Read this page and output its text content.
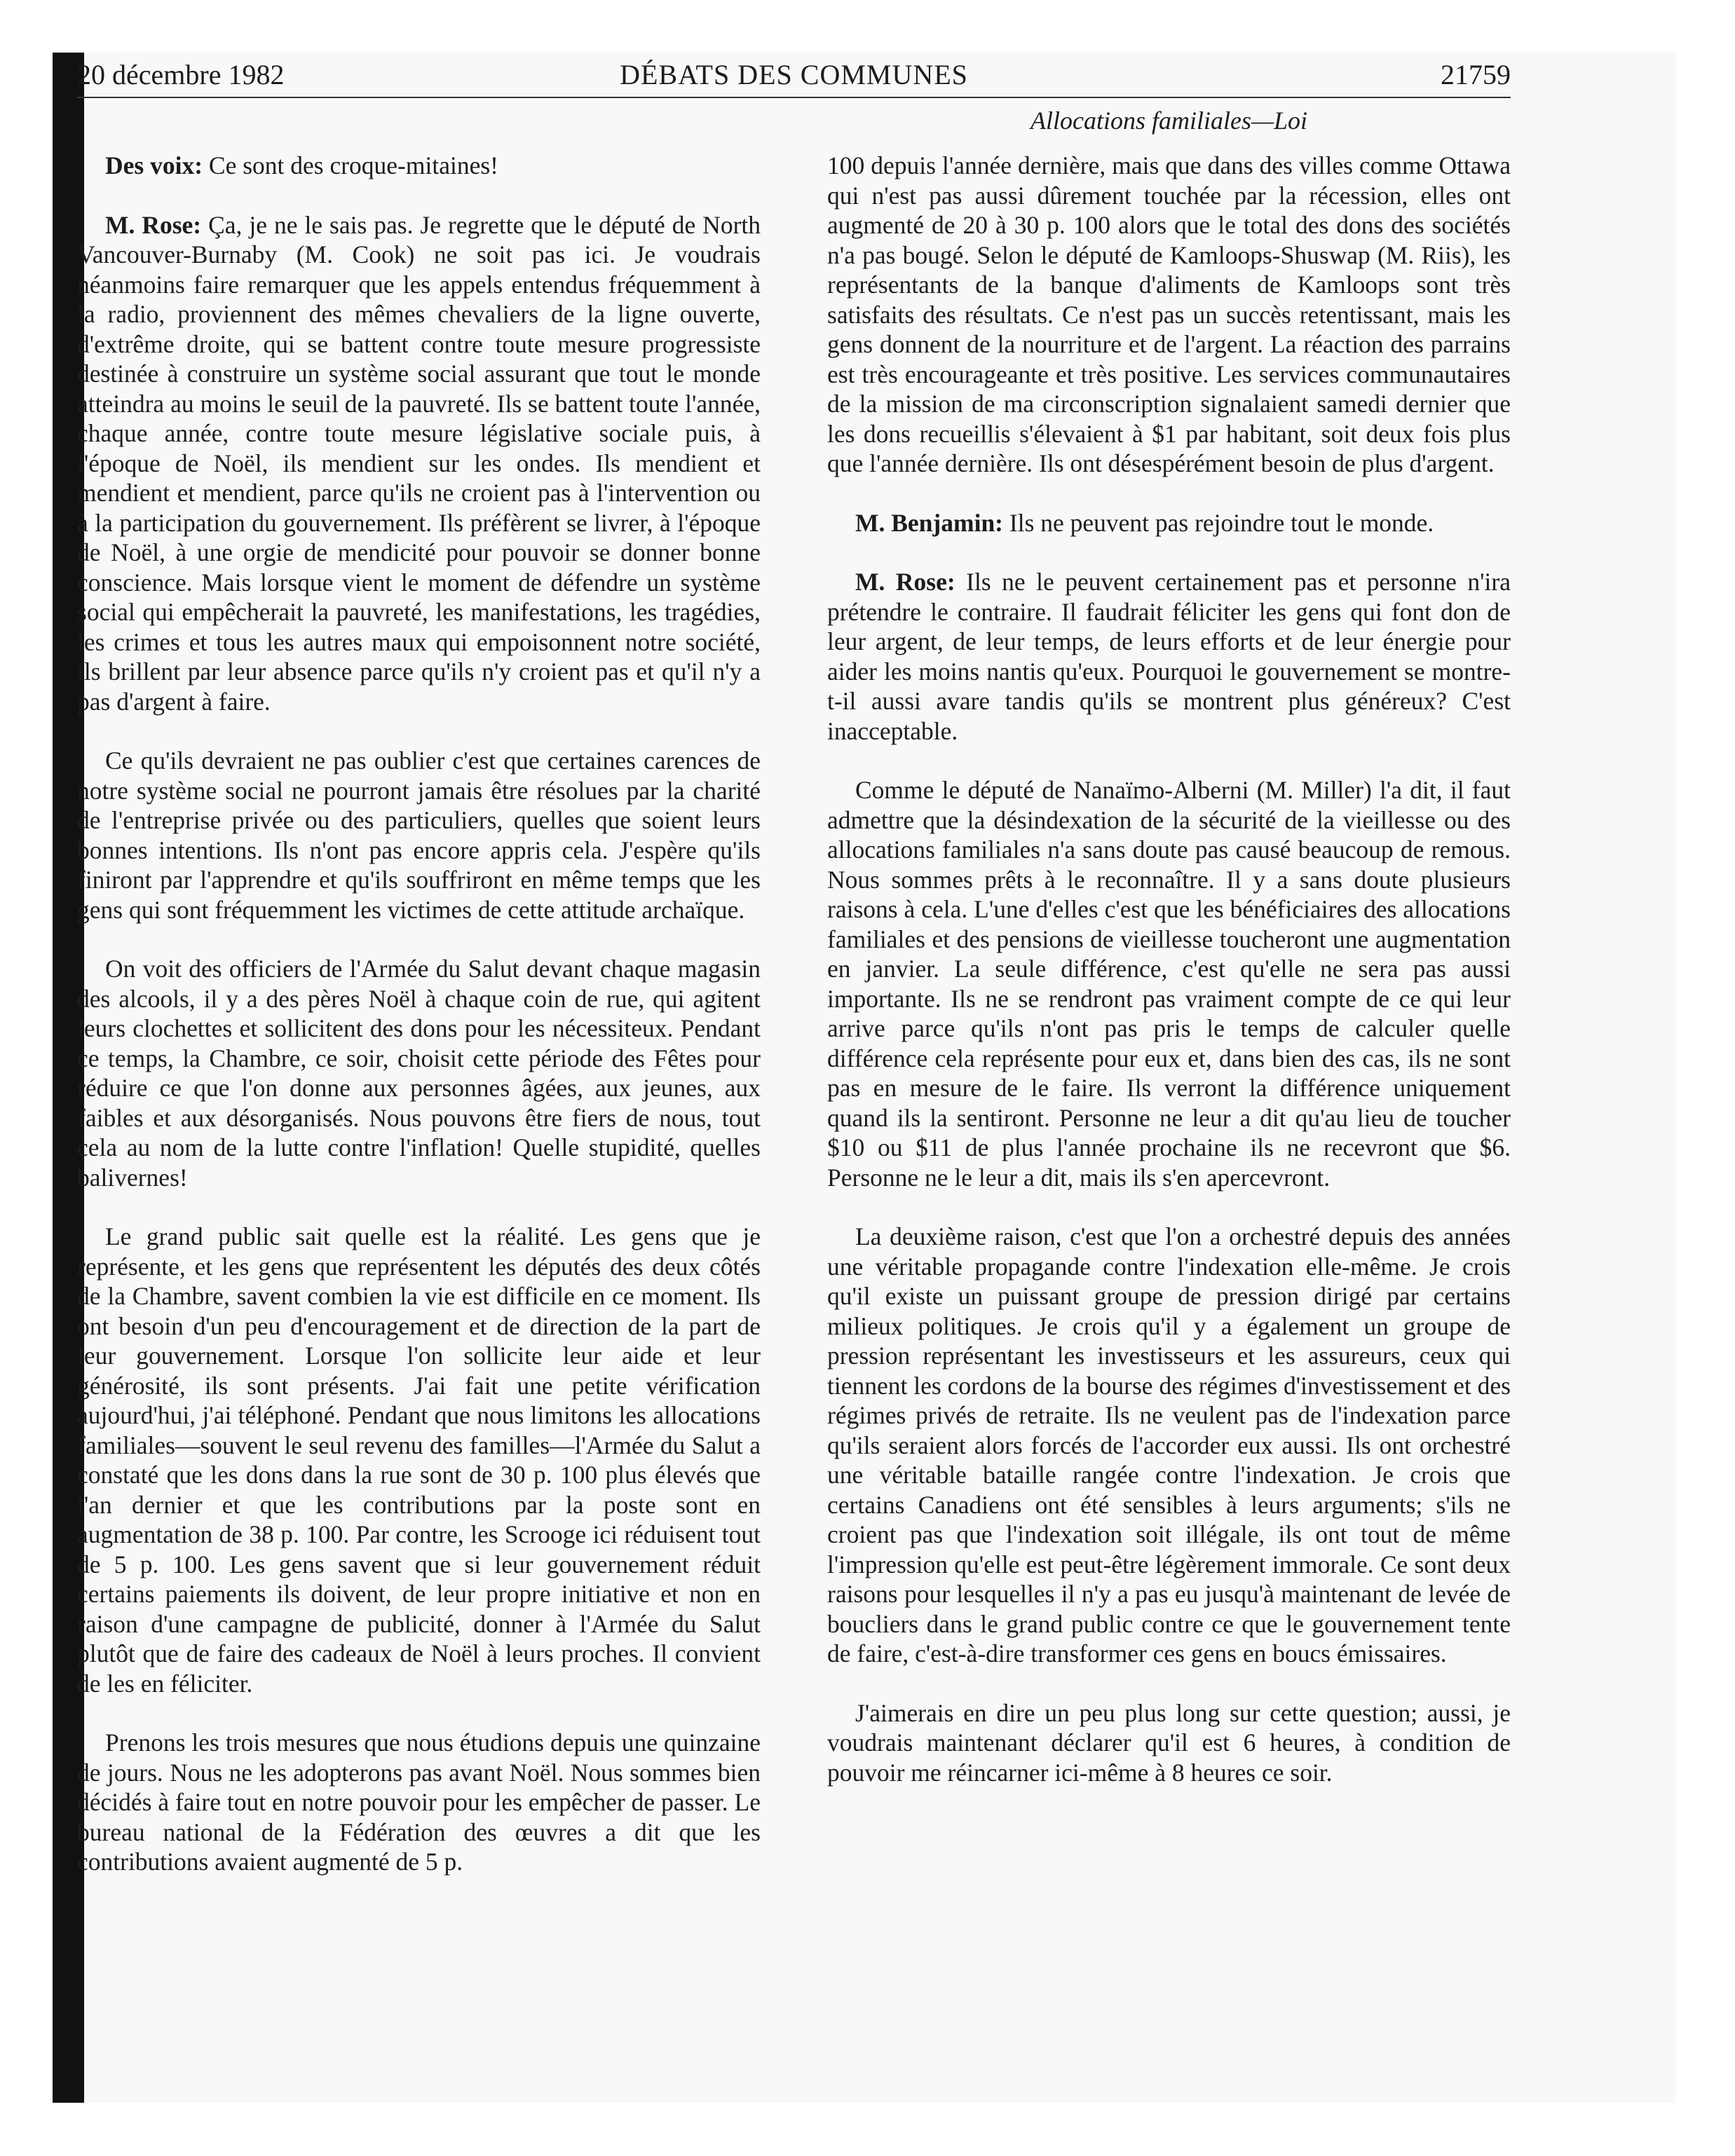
20 décembre 1982	DÉBATS DES COMMUNES	21759
Allocations familiales—Loi

Des voix: Ce sont des croque-mitaines!

M. Rose: Ça, je ne le sais pas. Je regrette que le député de North Vancouver-Burnaby (M. Cook) ne soit pas ici. Je voudrais néanmoins faire remarquer que les appels entendus fréquemment à la radio, proviennent des mêmes chevaliers de la ligne ouverte, d'extrême droite, qui se battent contre toute mesure progressiste destinée à construire un système social assurant que tout le monde atteindra au moins le seuil de la pauvreté. Ils se battent toute l'année, chaque année, contre toute mesure législative sociale puis, à l'époque de Noël, ils mendient sur les ondes. Ils mendient et mendient et mendient, parce qu'ils ne croient pas à l'intervention ou à la participation du gouvernement. Ils préfèrent se livrer, à l'époque de Noël, à une orgie de mendicité pour pouvoir se donner bonne conscience. Mais lorsque vient le moment de défendre un système social qui empêcherait la pauvreté, les manifestations, les tragédies, les crimes et tous les autres maux qui empoisonnent notre société, ils brillent par leur absence parce qu'ils n'y croient pas et qu'il n'y a pas d'argent à faire.

Ce qu'ils devraient ne pas oublier c'est que certaines carences de notre système social ne pourront jamais être résolues par la charité de l'entreprise privée ou des particuliers, quelles que soient leurs bonnes intentions. Ils n'ont pas encore appris cela. J'espère qu'ils finiront par l'apprendre et qu'ils souffriront en même temps que les gens qui sont fréquemment les victimes de cette attitude archaïque.

On voit des officiers de l'Armée du Salut devant chaque magasin des alcools, il y a des pères Noël à chaque coin de rue, qui agitent leurs clochettes et sollicitent des dons pour les nécessiteux. Pendant ce temps, la Chambre, ce soir, choisit cette période des Fêtes pour réduire ce que l'on donne aux personnes âgées, aux jeunes, aux faibles et aux désorganisés. Nous pouvons être fiers de nous, tout cela au nom de la lutte contre l'inflation! Quelle stupidité, quelles balivernes!

Le grand public sait quelle est la réalité. Les gens que je représente, et les gens que représentent les députés des deux côtés de la Chambre, savent combien la vie est difficile en ce moment. Ils ont besoin d'un peu d'encouragement et de direction de la part de leur gouvernement. Lorsque l'on sollicite leur aide et leur générosité, ils sont présents. J'ai fait une petite vérification aujourd'hui, j'ai téléphoné. Pendant que nous limitons les allocations familiales—souvent le seul revenu des familles—l'Armée du Salut a constaté que les dons dans la rue sont de 30 p. 100 plus élevés que l'an dernier et que les contributions par la poste sont en augmentation de 38 p. 100. Par contre, les Scrooge ici réduisent tout de 5 p. 100. Les gens savent que si leur gouvernement réduit certains paiements ils doivent, de leur propre initiative et non en raison d'une campagne de publicité, donner à l'Armée du Salut plutôt que de faire des cadeaux de Noël à leurs proches. Il convient de les en féliciter.

Prenons les trois mesures que nous étudions depuis une quinzaine de jours. Nous ne les adopterons pas avant Noël. Nous sommes bien décidés à faire tout en notre pouvoir pour les empêcher de passer. Le bureau national de la Fédération des œuvres a dit que les contributions avaient augmenté de 5 p.

100 depuis l'année dernière, mais que dans des villes comme Ottawa qui n'est pas aussi dûrement touchée par la récession, elles ont augmenté de 20 à 30 p. 100 alors que le total des dons des sociétés n'a pas bougé. Selon le député de Kamloops-Shuswap (M. Riis), les représentants de la banque d'aliments de Kamloops sont très satisfaits des résultats. Ce n'est pas un succès retentissant, mais les gens donnent de la nourriture et de l'argent. La réaction des parrains est très encourageante et très positive. Les services communautaires de la mission de ma circonscription signalaient samedi dernier que les dons recueillis s'élevaient à $1 par habitant, soit deux fois plus que l'année dernière. Ils ont désespérément besoin de plus d'argent.

M. Benjamin: Ils ne peuvent pas rejoindre tout le monde.

M. Rose: Ils ne le peuvent certainement pas et personne n'ira prétendre le contraire. Il faudrait féliciter les gens qui font don de leur argent, de leur temps, de leurs efforts et de leur énergie pour aider les moins nantis qu'eux. Pourquoi le gouvernement se montre-t-il aussi avare tandis qu'ils se montrent plus généreux? C'est inacceptable.

Comme le député de Nanaïmo-Alberni (M. Miller) l'a dit, il faut admettre que la désindexation de la sécurité de la vieillesse ou des allocations familiales n'a sans doute pas causé beaucoup de remous. Nous sommes prêts à le reconnaître. Il y a sans doute plusieurs raisons à cela. L'une d'elles c'est que les bénéficiaires des allocations familiales et des pensions de vieillesse toucheront une augmentation en janvier. La seule différence, c'est qu'elle ne sera pas aussi importante. Ils ne se rendront pas vraiment compte de ce qui leur arrive parce qu'ils n'ont pas pris le temps de calculer quelle différence cela représente pour eux et, dans bien des cas, ils ne sont pas en mesure de le faire. Ils verront la différence uniquement quand ils la sentiront. Personne ne leur a dit qu'au lieu de toucher $10 ou $11 de plus l'année prochaine ils ne recevront que $6. Personne ne le leur a dit, mais ils s'en apercevront.

La deuxième raison, c'est que l'on a orchestré depuis des années une véritable propagande contre l'indexation elle-même. Je crois qu'il existe un puissant groupe de pression dirigé par certains milieux politiques. Je crois qu'il y a également un groupe de pression représentant les investisseurs et les assureurs, ceux qui tiennent les cordons de la bourse des régimes d'investissement et des régimes privés de retraite. Ils ne veulent pas de l'indexation parce qu'ils seraient alors forcés de l'accorder eux aussi. Ils ont orchestré une véritable bataille rangée contre l'indexation. Je crois que certains Canadiens ont été sensibles à leurs arguments; s'ils ne croient pas que l'indexation soit illégale, ils ont tout de même l'impression qu'elle est peut-être légèrement immorale. Ce sont deux raisons pour lesquelles il n'y a pas eu jusqu'à maintenant de levée de boucliers dans le grand public contre ce que le gouvernement tente de faire, c'est-à-dire transformer ces gens en boucs émissaires.

J'aimerais en dire un peu plus long sur cette question; aussi, je voudrais maintenant déclarer qu'il est 6 heures, à condition de pouvoir me réincarner ici-même à 8 heures ce soir.
